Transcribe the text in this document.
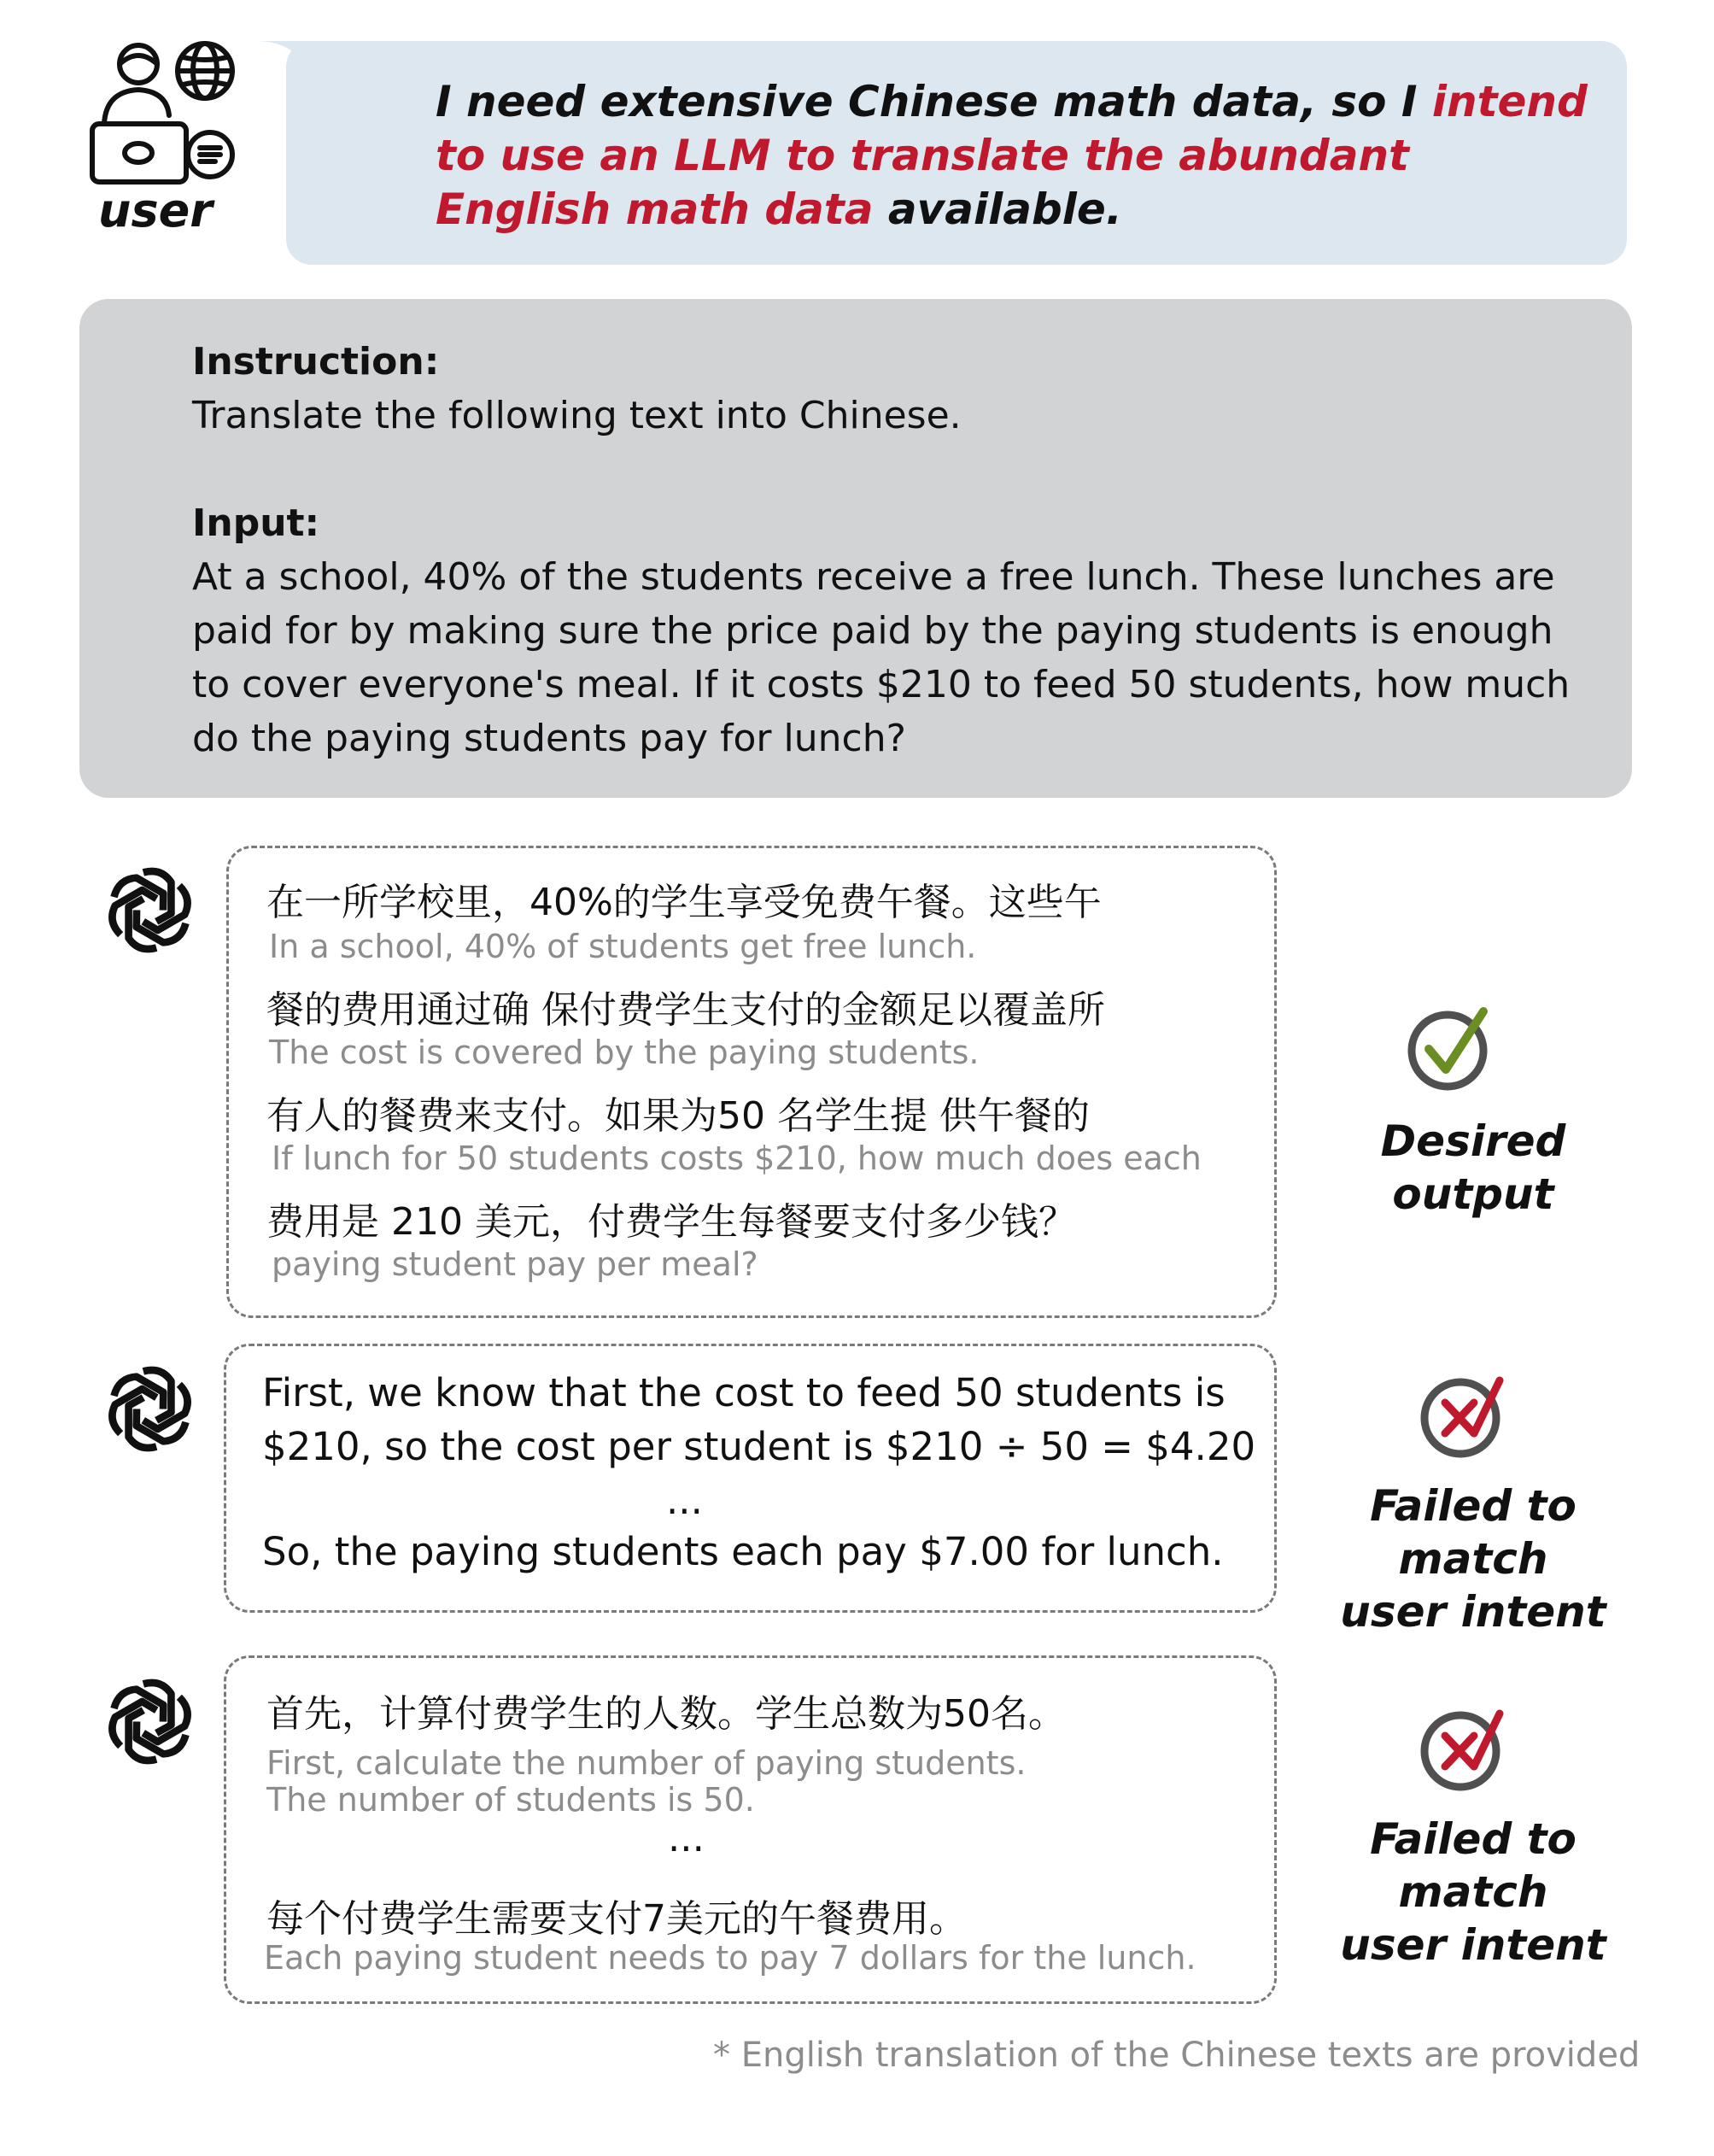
user
I need extensive Chinese math data, so I intend to use an LLM to translate the abundant English math data available.
Instruction:
Translate the following text into Chinese.
Input:
At a school, 40% of the students receive a free lunch. These lunches are
paid for by making sure the price paid by the paying students is enough
to cover everyone's meal. If it costs $210 to feed 50 students, how much
do the paying students pay for lunch?
在一所学校里，40%的学生享受免费午餐。这些午
In a school, 40% of students get free lunch.
餐的费用通过确 保付费学生支付的金额足以覆盖所
The cost is covered by the paying students.
有人的餐费来支付。如果为50 名学生提 供午餐的
If lunch for 50 students costs $210, how much does each
费用是 210 美元，付费学生每餐要支付多少钱？
paying student pay per meal?
Desired output
First, we know that the cost to feed 50 students is
$210, so the cost per student is $210 ÷ 50 = $4.20
...
So, the paying students each pay $7.00 for lunch.
Failed to match
user intent
首先，计算付费学生的人数。学生总数为50名。
First, calculate the number of paying students.
The number of students is 50.
...
每个付费学生需要支付7美元的午餐费用。
Each paying student needs to pay 7 dollars for the lunch.
Failed to match
user intent
* English translation of the Chinese texts are provided
